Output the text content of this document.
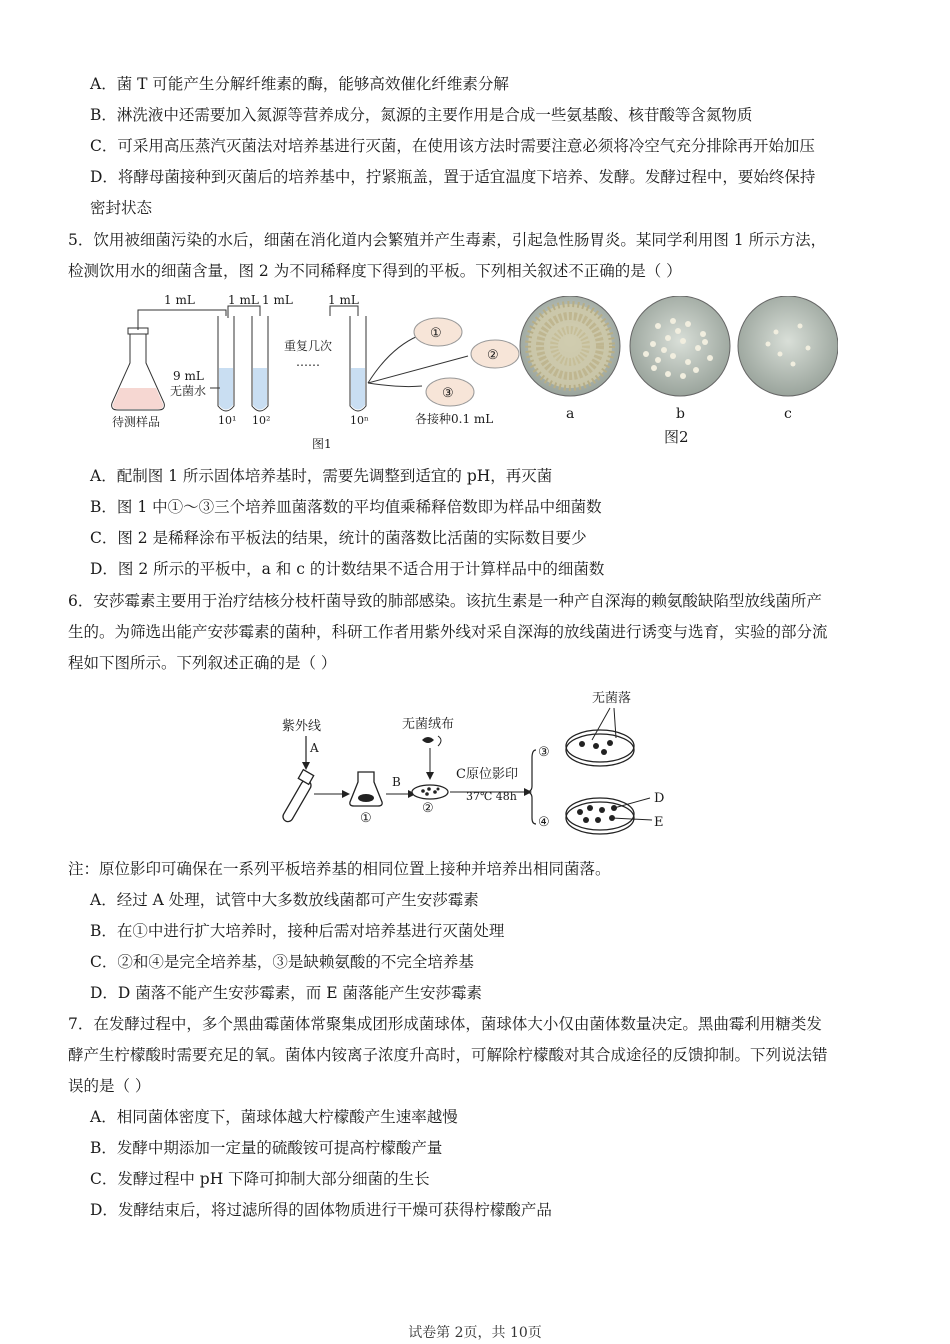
A．菌 T 可能产生分解纤维素的酶，能够高效催化纤维素分解
B．淋洗液中还需要加入氮源等营养成分，氮源的主要作用是合成一些氨基酸、核苷酸等含氮物质
C．可采用高压蒸汽灭菌法对培养基进行灭菌，在使用该方法时需要注意必须将冷空气充分排除再开始加压
D．将酵母菌接种到灭菌后的培养基中，拧紧瓶盖，置于适宜温度下培养、发酵。发酵过程中，要始终保持
密封状态
5．饮用被细菌污染的水后，细菌在消化道内会繁殖并产生毒素，引起急性肠胃炎。某同学利用图 1 所示方法，
检测饮用水的细菌含量，图 2 为不同稀释度下得到的平板。下列相关叙述不正确的是（ ）
1 mL	1 mL 1 mL	1 mL
9 mL
无菌水
重复几次
……
待测样品	10¹ 10²	10ⁿ
①
②
③
各接种0.1 mL
图1
a	b	c
图2
A．配制图 1 所示固体培养基时，需要先调整到适宜的 pH，再灭菌
B．图 1 中①～③三个培养皿菌落数的平均值乘稀释倍数即为样品中细菌数
C．图 2 是稀释涂布平板法的结果，统计的菌落数比活菌的实际数目要少
D．图 2 所示的平板中，a 和 c 的计数结果不适合用于计算样品中的细菌数
6．安莎霉素主要用于治疗结核分枝杆菌导致的肺部感染。该抗生素是一种产自深海的赖氨酸缺陷型放线菌所产
生的。为筛选出能产安莎霉素的菌种，科研工作者用紫外线对采自深海的放线菌进行诱变与选育，实验的部分流
程如下图所示。下列叙述正确的是（ ）
紫外线
A
①
B
无菌绒布
②
C原位影印
37℃ 48h
③
无菌落
④
D
E
注：原位影印可确保在一系列平板培养基的相同位置上接种并培养出相同菌落。
A．经过 A 处理，试管中大多数放线菌都可产生安莎霉素
B．在①中进行扩大培养时，接种后需对培养基进行灭菌处理
C．②和④是完全培养基，③是缺赖氨酸的不完全培养基
D．D 菌落不能产生安莎霉素，而 E 菌落能产生安莎霉素
7．在发酵过程中，多个黑曲霉菌体常聚集成团形成菌球体，菌球体大小仅由菌体数量决定。黑曲霉利用糖类发
酵产生柠檬酸时需要充足的氧。菌体内铵离子浓度升高时，可解除柠檬酸对其合成途径的反馈抑制。下列说法错
误的是（ ）
A．相同菌体密度下，菌球体越大柠檬酸产生速率越慢
B．发酵中期添加一定量的硫酸铵可提高柠檬酸产量
C．发酵过程中 pH 下降可抑制大部分细菌的生长
D．发酵结束后，将过滤所得的固体物质进行干燥可获得柠檬酸产品
试卷第 2页，共 10页
